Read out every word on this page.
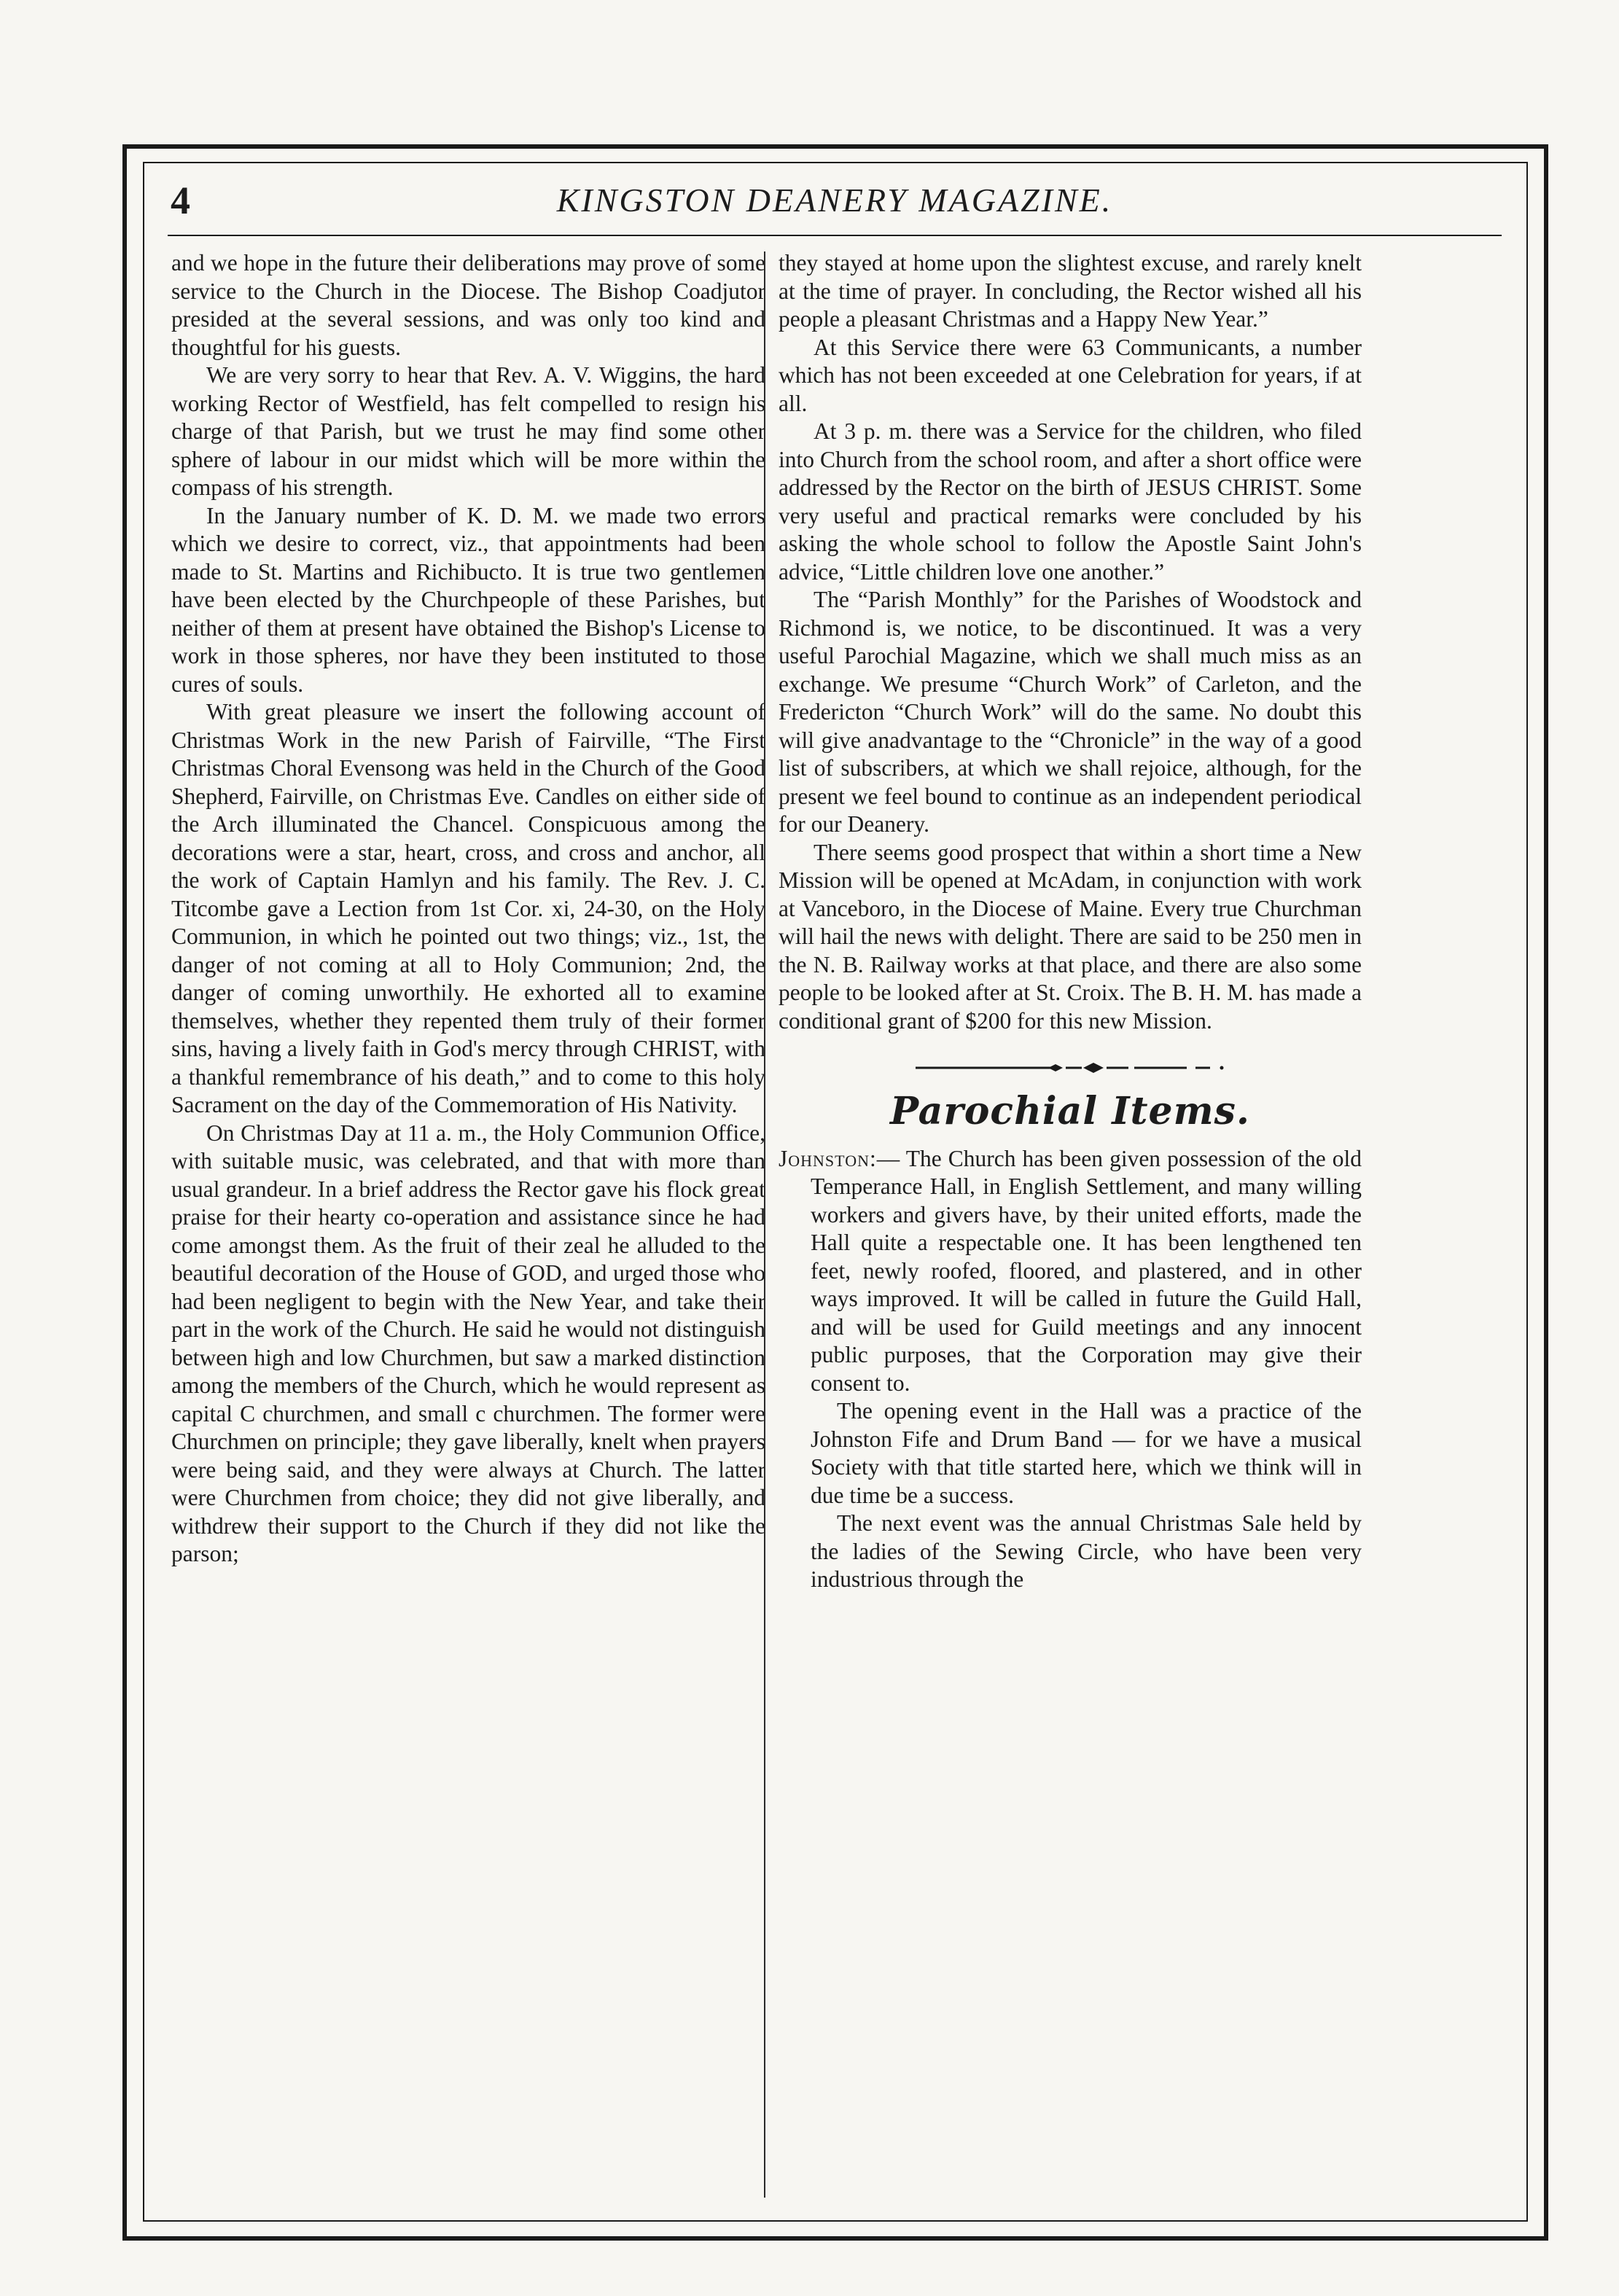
4	KINGSTON DEANERY MAGAZINE.

and we hope in the future their deliberations may prove of some service to the Church in the Diocese. The Bishop Coadjutor presided at the several sessions, and was only too kind and thoughtful for his guests.

We are very sorry to hear that Rev. A. V. Wiggins, the hard working Rector of Westfield, has felt compelled to resign his charge of that Parish, but we trust he may find some other sphere of labour in our midst which will be more within the compass of his strength.

In the January number of K. D. M. we made two errors which we desire to correct, viz., that appointments had been made to St. Martins and Richibucto. It is true two gentlemen have been elected by the Churchpeople of these Parishes, but neither of them at present have obtained the Bishop's License to work in those spheres, nor have they been instituted to those cures of souls.

With great pleasure we insert the following account of Christmas Work in the new Parish of Fairville, “The First Christmas Choral Evensong was held in the Church of the Good Shepherd, Fairville, on Christmas Eve. Candles on either side of the Arch illuminated the Chancel. Conspicuous among the decorations were a star, heart, cross, and cross and anchor, all the work of Captain Hamlyn and his family. The Rev. J. C. Titcombe gave a Lection from 1st Cor. xi, 24-30, on the Holy Communion, in which he pointed out two things; viz., 1st, the danger of not coming at all to Holy Communion; 2nd, the danger of coming unworthily. He exhorted all to examine themselves, whether they repented them truly of their former sins, having a lively faith in God's mercy through CHRIST, with a thankful remembrance of his death,” and to come to this holy Sacrament on the day of the Commemoration of His Nativity.

On Christmas Day at 11 a. m., the Holy Communion Office, with suitable music, was celebrated, and that with more than usual grandeur. In a brief address the Rector gave his flock great praise for their hearty co-operation and assistance since he had come amongst them. As the fruit of their zeal he alluded to the beautiful decoration of the House of GOD, and urged those who had been negligent to begin with the New Year, and take their part in the work of the Church. He said he would not distinguish between high and low Churchmen, but saw a marked distinction among the members of the Church, which he would represent as capital C churchmen, and small c churchmen. The former were Churchmen on principle; they gave liberally, knelt when prayers were being said, and they were always at Church. The latter were Churchmen from choice; they did not give liberally, and withdrew their support to the Church if they did not like the parson;

they stayed at home upon the slightest excuse, and rarely knelt at the time of prayer. In concluding, the Rector wished all his people a pleasant Christmas and a Happy New Year.”

At this Service there were 63 Communicants, a number which has not been exceeded at one Celebration for years, if at all.

At 3 p. m. there was a Service for the children, who filed into Church from the school room, and after a short office were addressed by the Rector on the birth of JESUS CHRIST. Some very useful and practical remarks were concluded by his asking the whole school to follow the Apostle Saint John's advice, “Little children love one another.”

The “Parish Monthly” for the Parishes of Woodstock and Richmond is, we notice, to be discontinued. It was a very useful Parochial Magazine, which we shall much miss as an exchange. We presume “Church Work” of Carleton, and the Fredericton “Church Work” will do the same. No doubt this will give anadvantage to the “Chronicle” in the way of a good list of subscribers, at which we shall rejoice, although, for the present we feel bound to continue as an independent periodical for our Deanery.

There seems good prospect that within a short time a New Mission will be opened at McAdam, in conjunction with work at Vanceboro, in the Diocese of Maine. Every true Churchman will hail the news with delight. There are said to be 250 men in the N. B. Railway works at that place, and there are also some people to be looked after at St. Croix. The B. H. M. has made a conditional grant of $200 for this new Mission.

Parochial Items.

Johnston:— The Church has been given possession of the old Temperance Hall, in English Settlement, and many willing workers and givers have, by their united efforts, made the Hall quite a respectable one. It has been lengthened ten feet, newly roofed, floored, and plastered, and in other ways improved. It will be called in future the Guild Hall, and will be used for Guild meetings and any innocent public purposes, that the Corporation may give their consent to.

The opening event in the Hall was a practice of the Johnston Fife and Drum Band — for we have a musical Society with that title started here, which we think will in due time be a success.

The next event was the annual Christmas Sale held by the ladies of the Sewing Circle, who have been very industrious through the
